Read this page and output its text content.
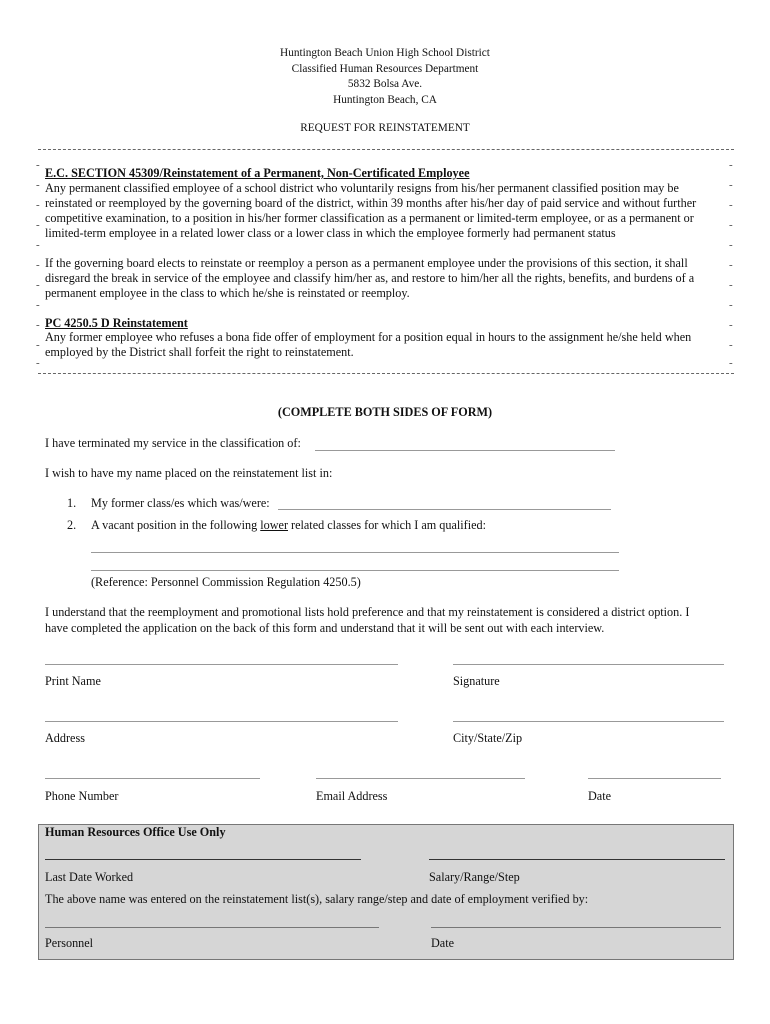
Huntington Beach Union High School District
Classified Human Resources Department
5832 Bolsa Ave.
Huntington Beach, CA
REQUEST FOR REINSTATEMENT
-
-
-
-
-
-
-
-
-
-
-
-
-
-
-
-
-
-
-
-
-
-
E.C. SECTION 45309/Reinstatement of a Permanent, Non-Certificated Employee
Any permanent classified employee of a school district who voluntarily resigns from his/her permanent classified position may be
reinstated or reemployed by the governing board of the district, within 39 months after his/her day of paid service and without further
competitive examination, to a position in his/her former classification as a permanent or limited-term employee, or as a permanent or
limited-term employee in a related lower class or a lower class in which the employee formerly had permanent status
If the governing board elects to reinstate or reemploy a person as a permanent employee under the provisions of this section, it shall
disregard the break in service of the employee and classify him/her as, and restore to him/her all the rights, benefits, and burdens of a
permanent employee in the class to which he/she is reinstated or reemploy.
PC 4250.5 D Reinstatement
Any former employee who refuses a bona fide offer of employment for a position equal in hours to the assignment he/she held when
employed by the District shall forfeit the right to reinstatement.
(COMPLETE BOTH SIDES OF FORM)
I have terminated my service in the classification of:
I wish to have my name placed on the reinstatement list in:
1. My former class/es which was/were:
2. A vacant position in the following lower related classes for which I am qualified:
(Reference: Personnel Commission Regulation 4250.5)
I understand that the reemployment and promotional lists hold preference and that my reinstatement is considered a district option. I
have completed the application on the back of this form and understand that it will be sent out with each interview.
Print Name	Signature
Address	City/State/Zip
Phone Number	Email Address	Date
Human Resources Office Use Only
Last Date Worked	Salary/Range/Step
The above name was entered on the reinstatement list(s), salary range/step and date of employment verified by:
Personnel	Date
